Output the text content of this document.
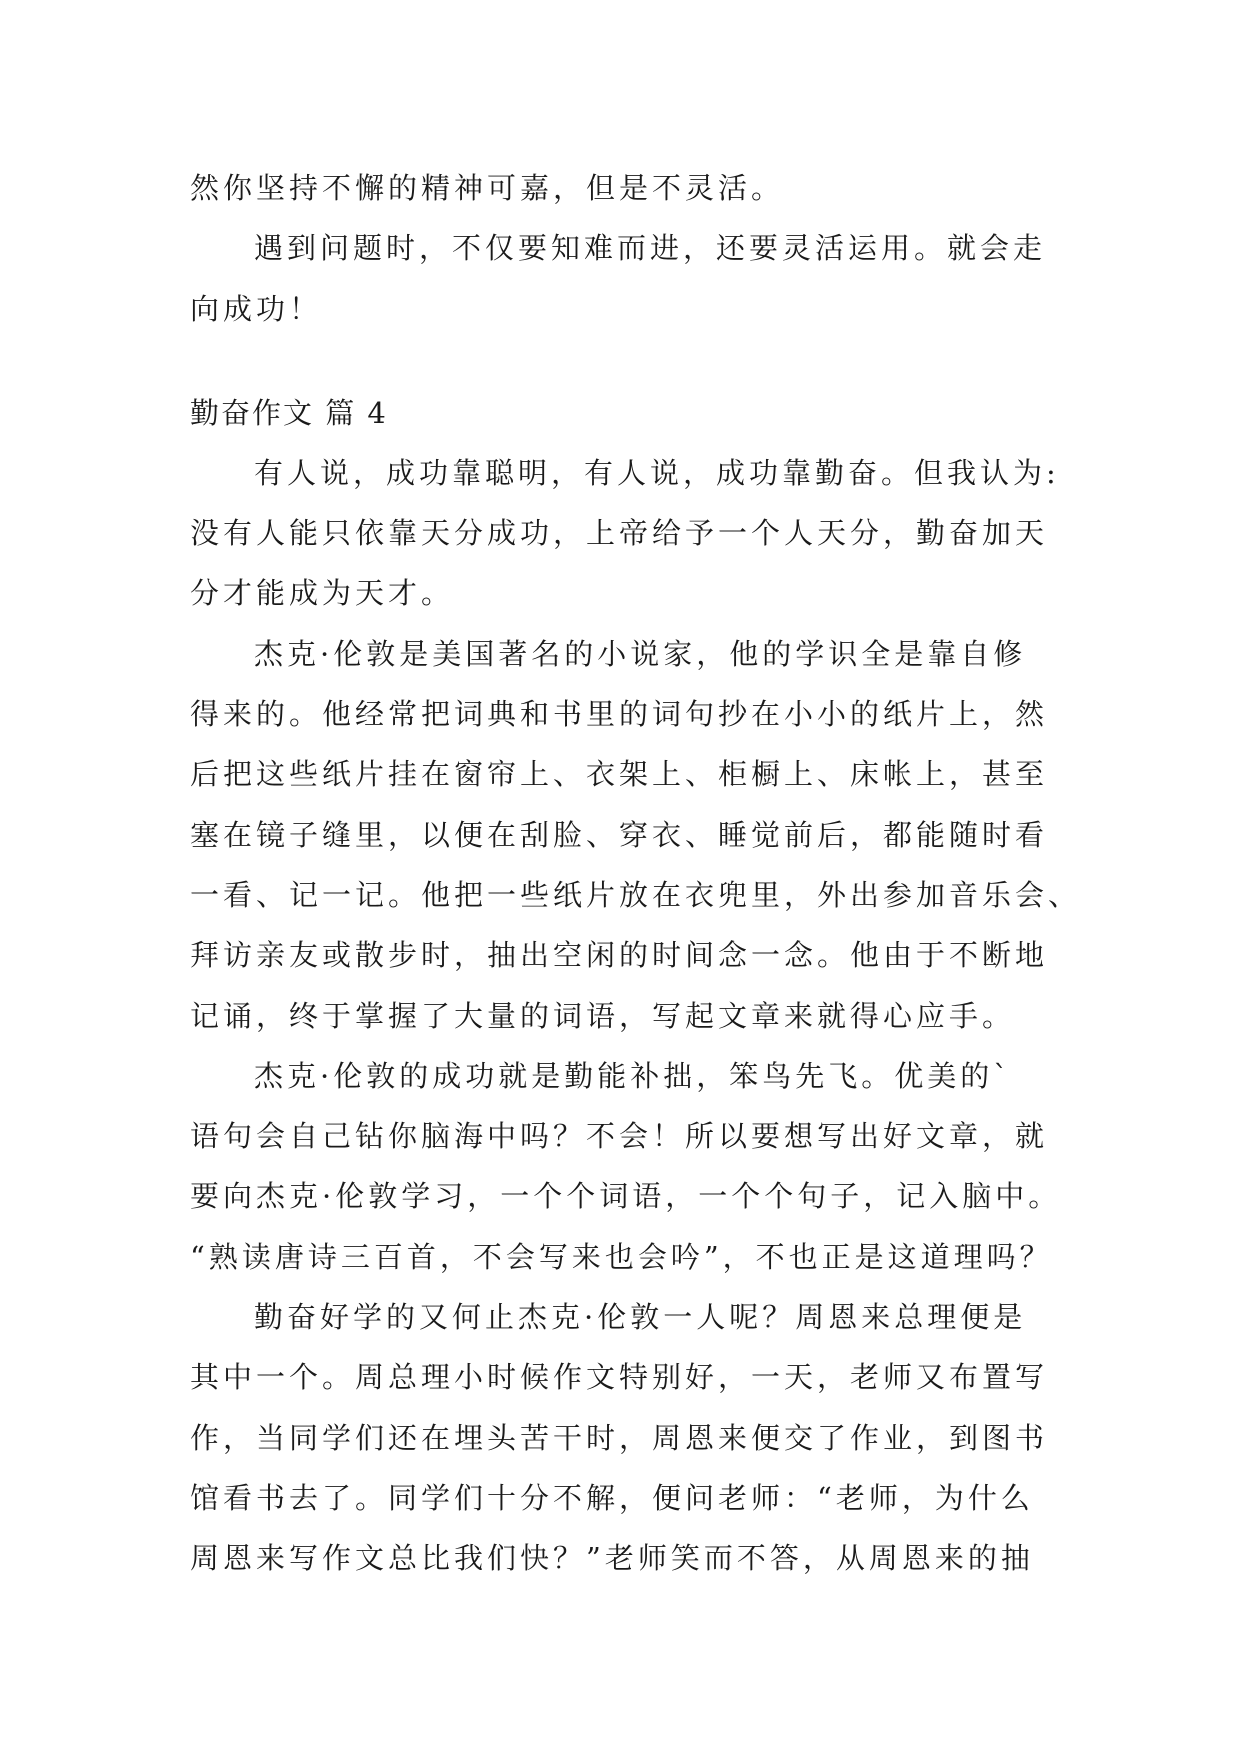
然你坚持不懈的精神可嘉，但是不灵活。
遇到问题时，不仅要知难而进，还要灵活运用。就会走
向成功！
勤奋作文 篇 4
有人说，成功靠聪明，有人说，成功靠勤奋。但我认为:
没有人能只依靠天分成功，上帝给予一个人天分，勤奋加天
分才能成为天才。
杰克·伦敦是美国著名的小说家，他的学识全是靠自修
得来的。他经常把词典和书里的词句抄在小小的纸片上，然
后把这些纸片挂在窗帘上、衣架上、柜橱上、床帐上，甚至
塞在镜子缝里，以便在刮脸、穿衣、睡觉前后，都能随时看
一看、记一记。他把一些纸片放在衣兜里，外出参加音乐会、
拜访亲友或散步时，抽出空闲的时间念一念。他由于不断地
记诵，终于掌握了大量的词语，写起文章来就得心应手。
杰克·伦敦的成功就是勤能补拙，笨鸟先飞。优美的`
语句会自己钻你脑海中吗？不会！所以要想写出好文章，就
要向杰克·伦敦学习，一个个词语，一个个句子，记入脑中。
“熟读唐诗三百首，不会写来也会吟”，不也正是这道理吗？
勤奋好学的又何止杰克·伦敦一人呢？周恩来总理便是
其中一个。周总理小时候作文特别好，一天，老师又布置写
作，当同学们还在埋头苦干时，周恩来便交了作业，到图书
馆看书去了。同学们十分不解，便问老师：“老师，为什么
周恩来写作文总比我们快？”老师笑而不答，从周恩来的抽
